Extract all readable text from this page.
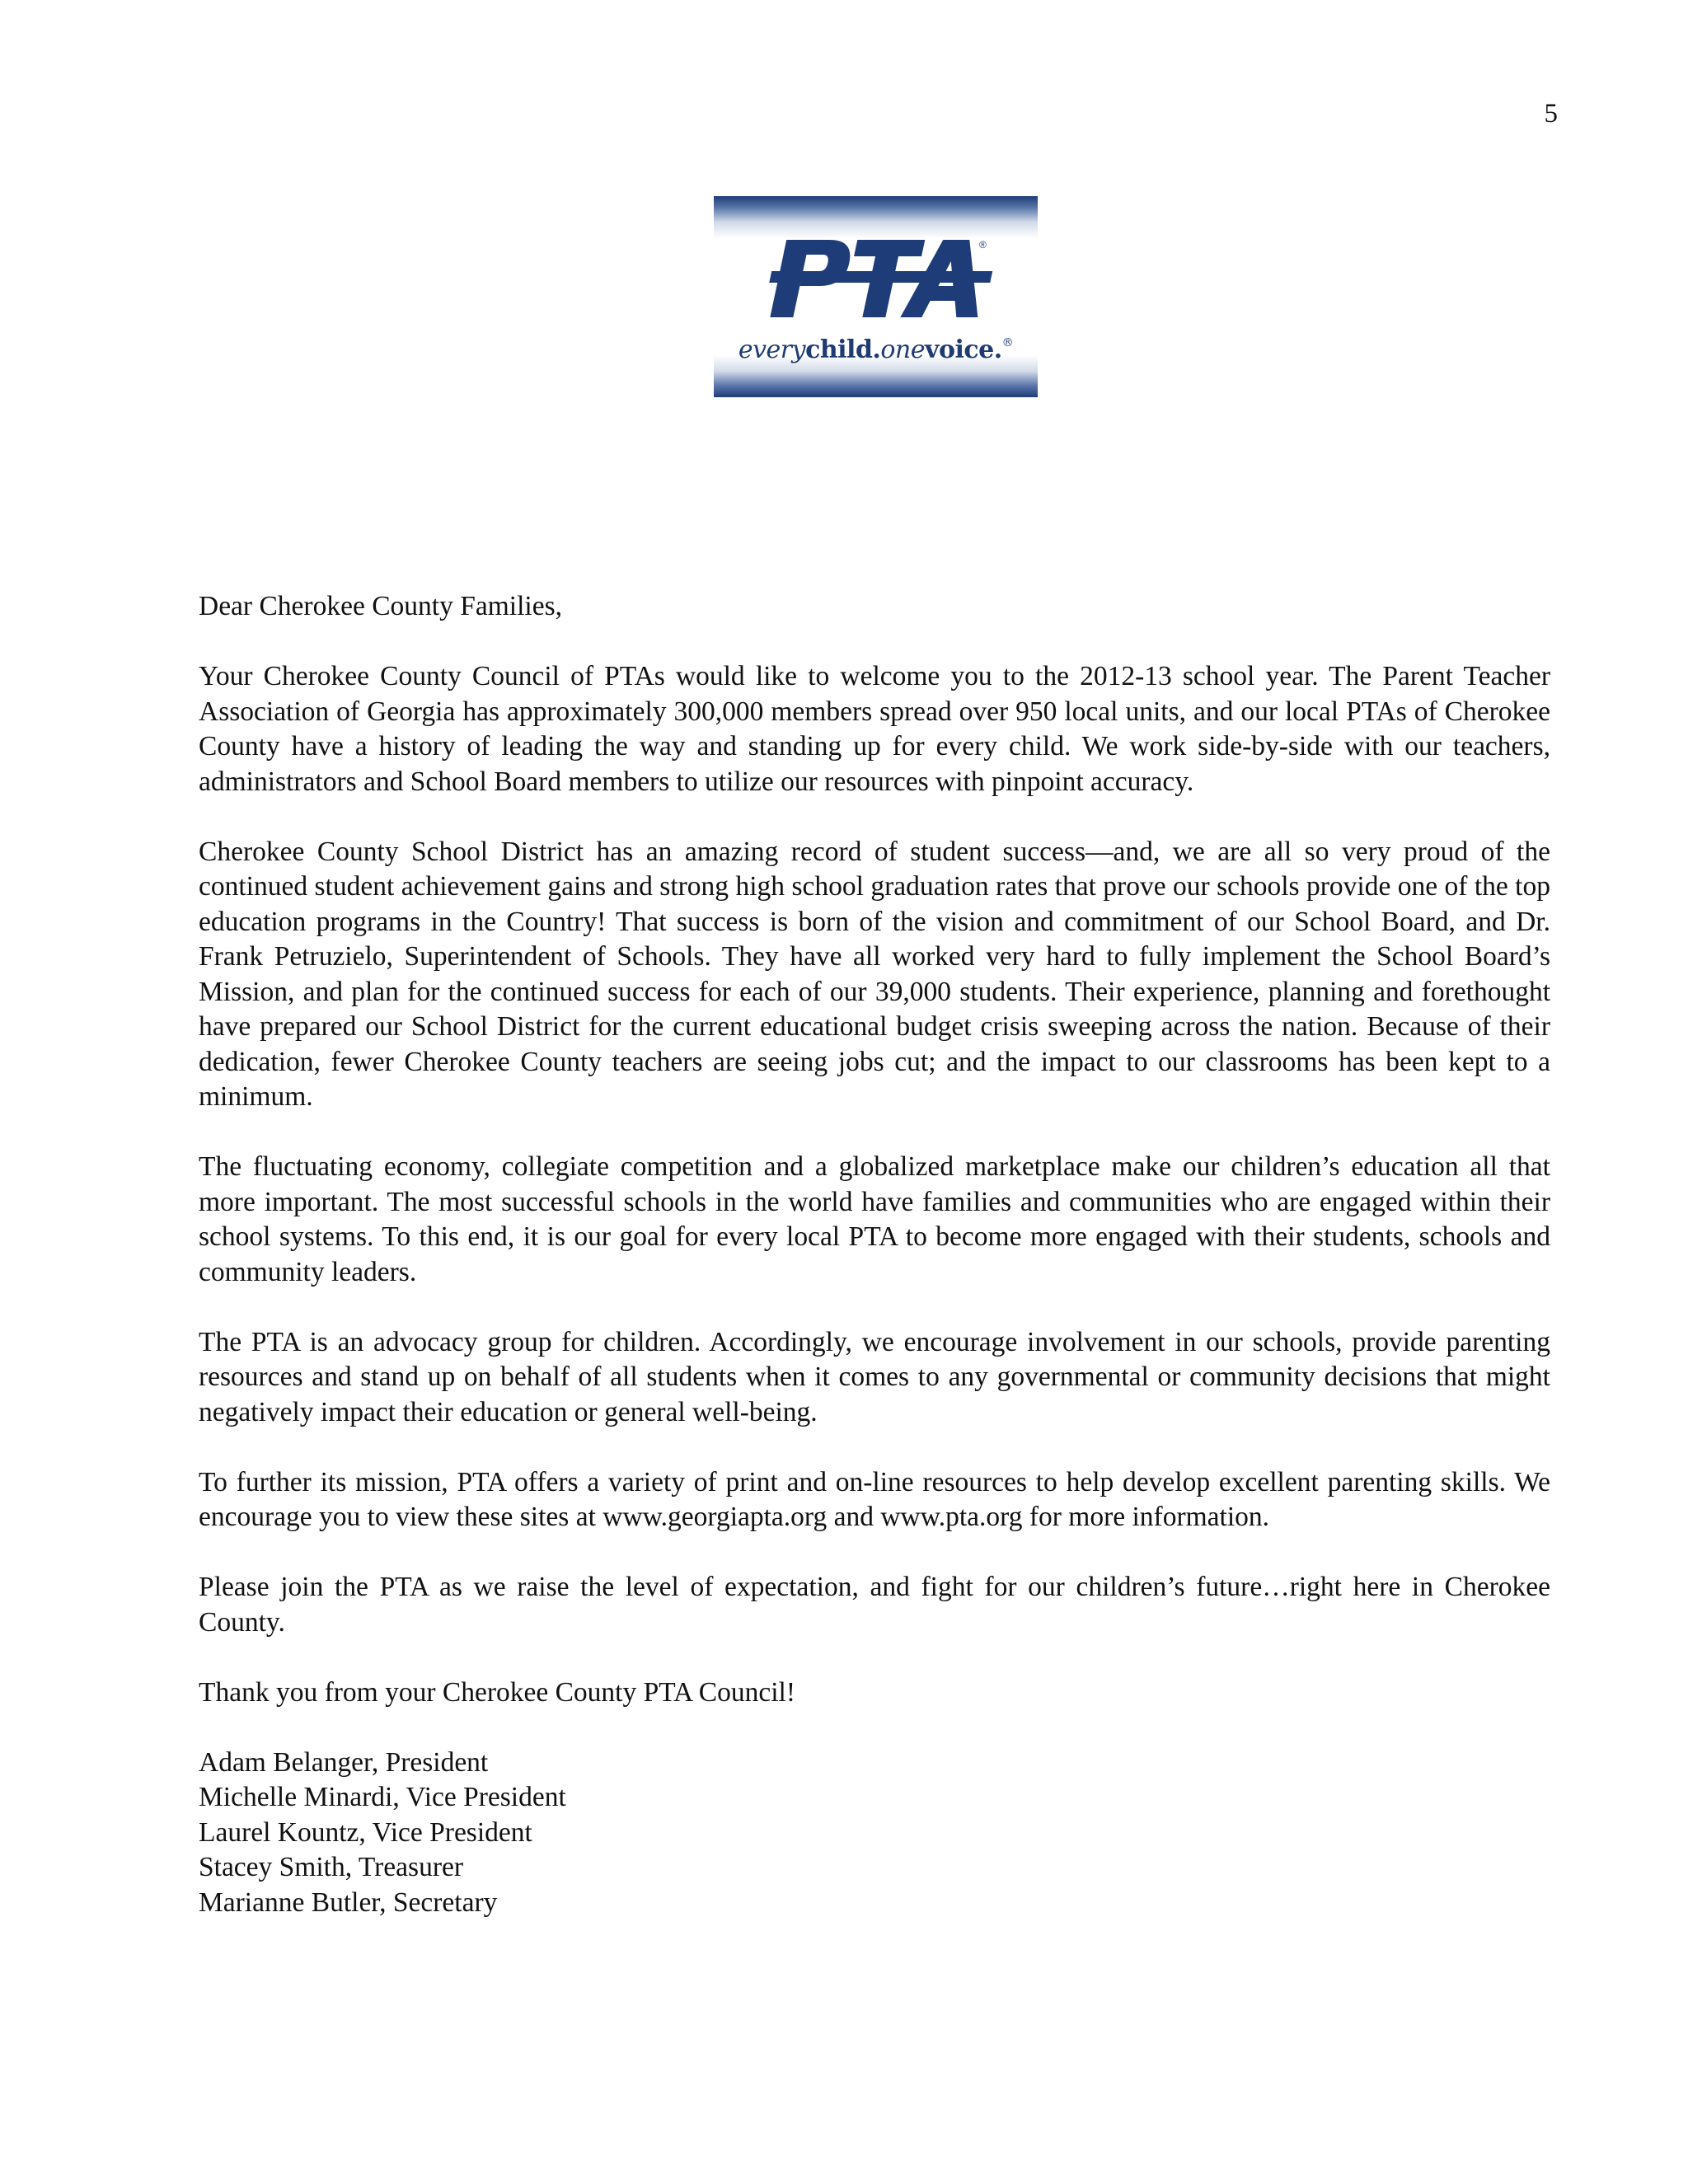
5
®
everychild.onevoice.®

Dear Cherokee County Families,

Your Cherokee County Council of PTAs would like to welcome you to the 2012-13 school year. The Parent Teacher Association of Georgia has approximately 300,000 members spread over 950 local units, and our local PTAs of Cherokee County have a history of leading the way and standing up for every child. We work side-by-side with our teachers, administrators and School Board members to utilize our resources with pinpoint accuracy.

Cherokee County School District has an amazing record of student success—and, we are all so very proud of the continued student achievement gains and strong high school graduation rates that prove our schools provide one of the top education programs in the Country! That success is born of the vision and commitment of our School Board, and Dr. Frank Petruzielo, Superintendent of Schools. They have all worked very hard to fully implement the School Board’s Mission, and plan for the continued success for each of our 39,000 students. Their experience, planning and forethought have prepared our School District for the current educational budget crisis sweeping across the nation. Because of their dedication, fewer Cherokee County teachers are seeing jobs cut; and the impact to our classrooms has been kept to a minimum.

The fluctuating economy, collegiate competition and a globalized marketplace make our children’s education all that more important. The most successful schools in the world have families and communities who are engaged within their school systems. To this end, it is our goal for every local PTA to become more engaged with their students, schools and community leaders.

The PTA is an advocacy group for children. Accordingly, we encourage involvement in our schools, provide parenting resources and stand up on behalf of all students when it comes to any governmental or community decisions that might negatively impact their education or general well-being.

To further its mission, PTA offers a variety of print and on-line resources to help develop excellent parenting skills. We encourage you to view these sites at www.georgiapta.org and www.pta.org for more information.

Please join the PTA as we raise the level of expectation, and fight for our children’s future…right here in Cherokee County.

Thank you from your Cherokee County PTA Council!

Adam Belanger, President
Michelle Minardi, Vice President
Laurel Kountz, Vice President
Stacey Smith, Treasurer
Marianne Butler, Secretary
